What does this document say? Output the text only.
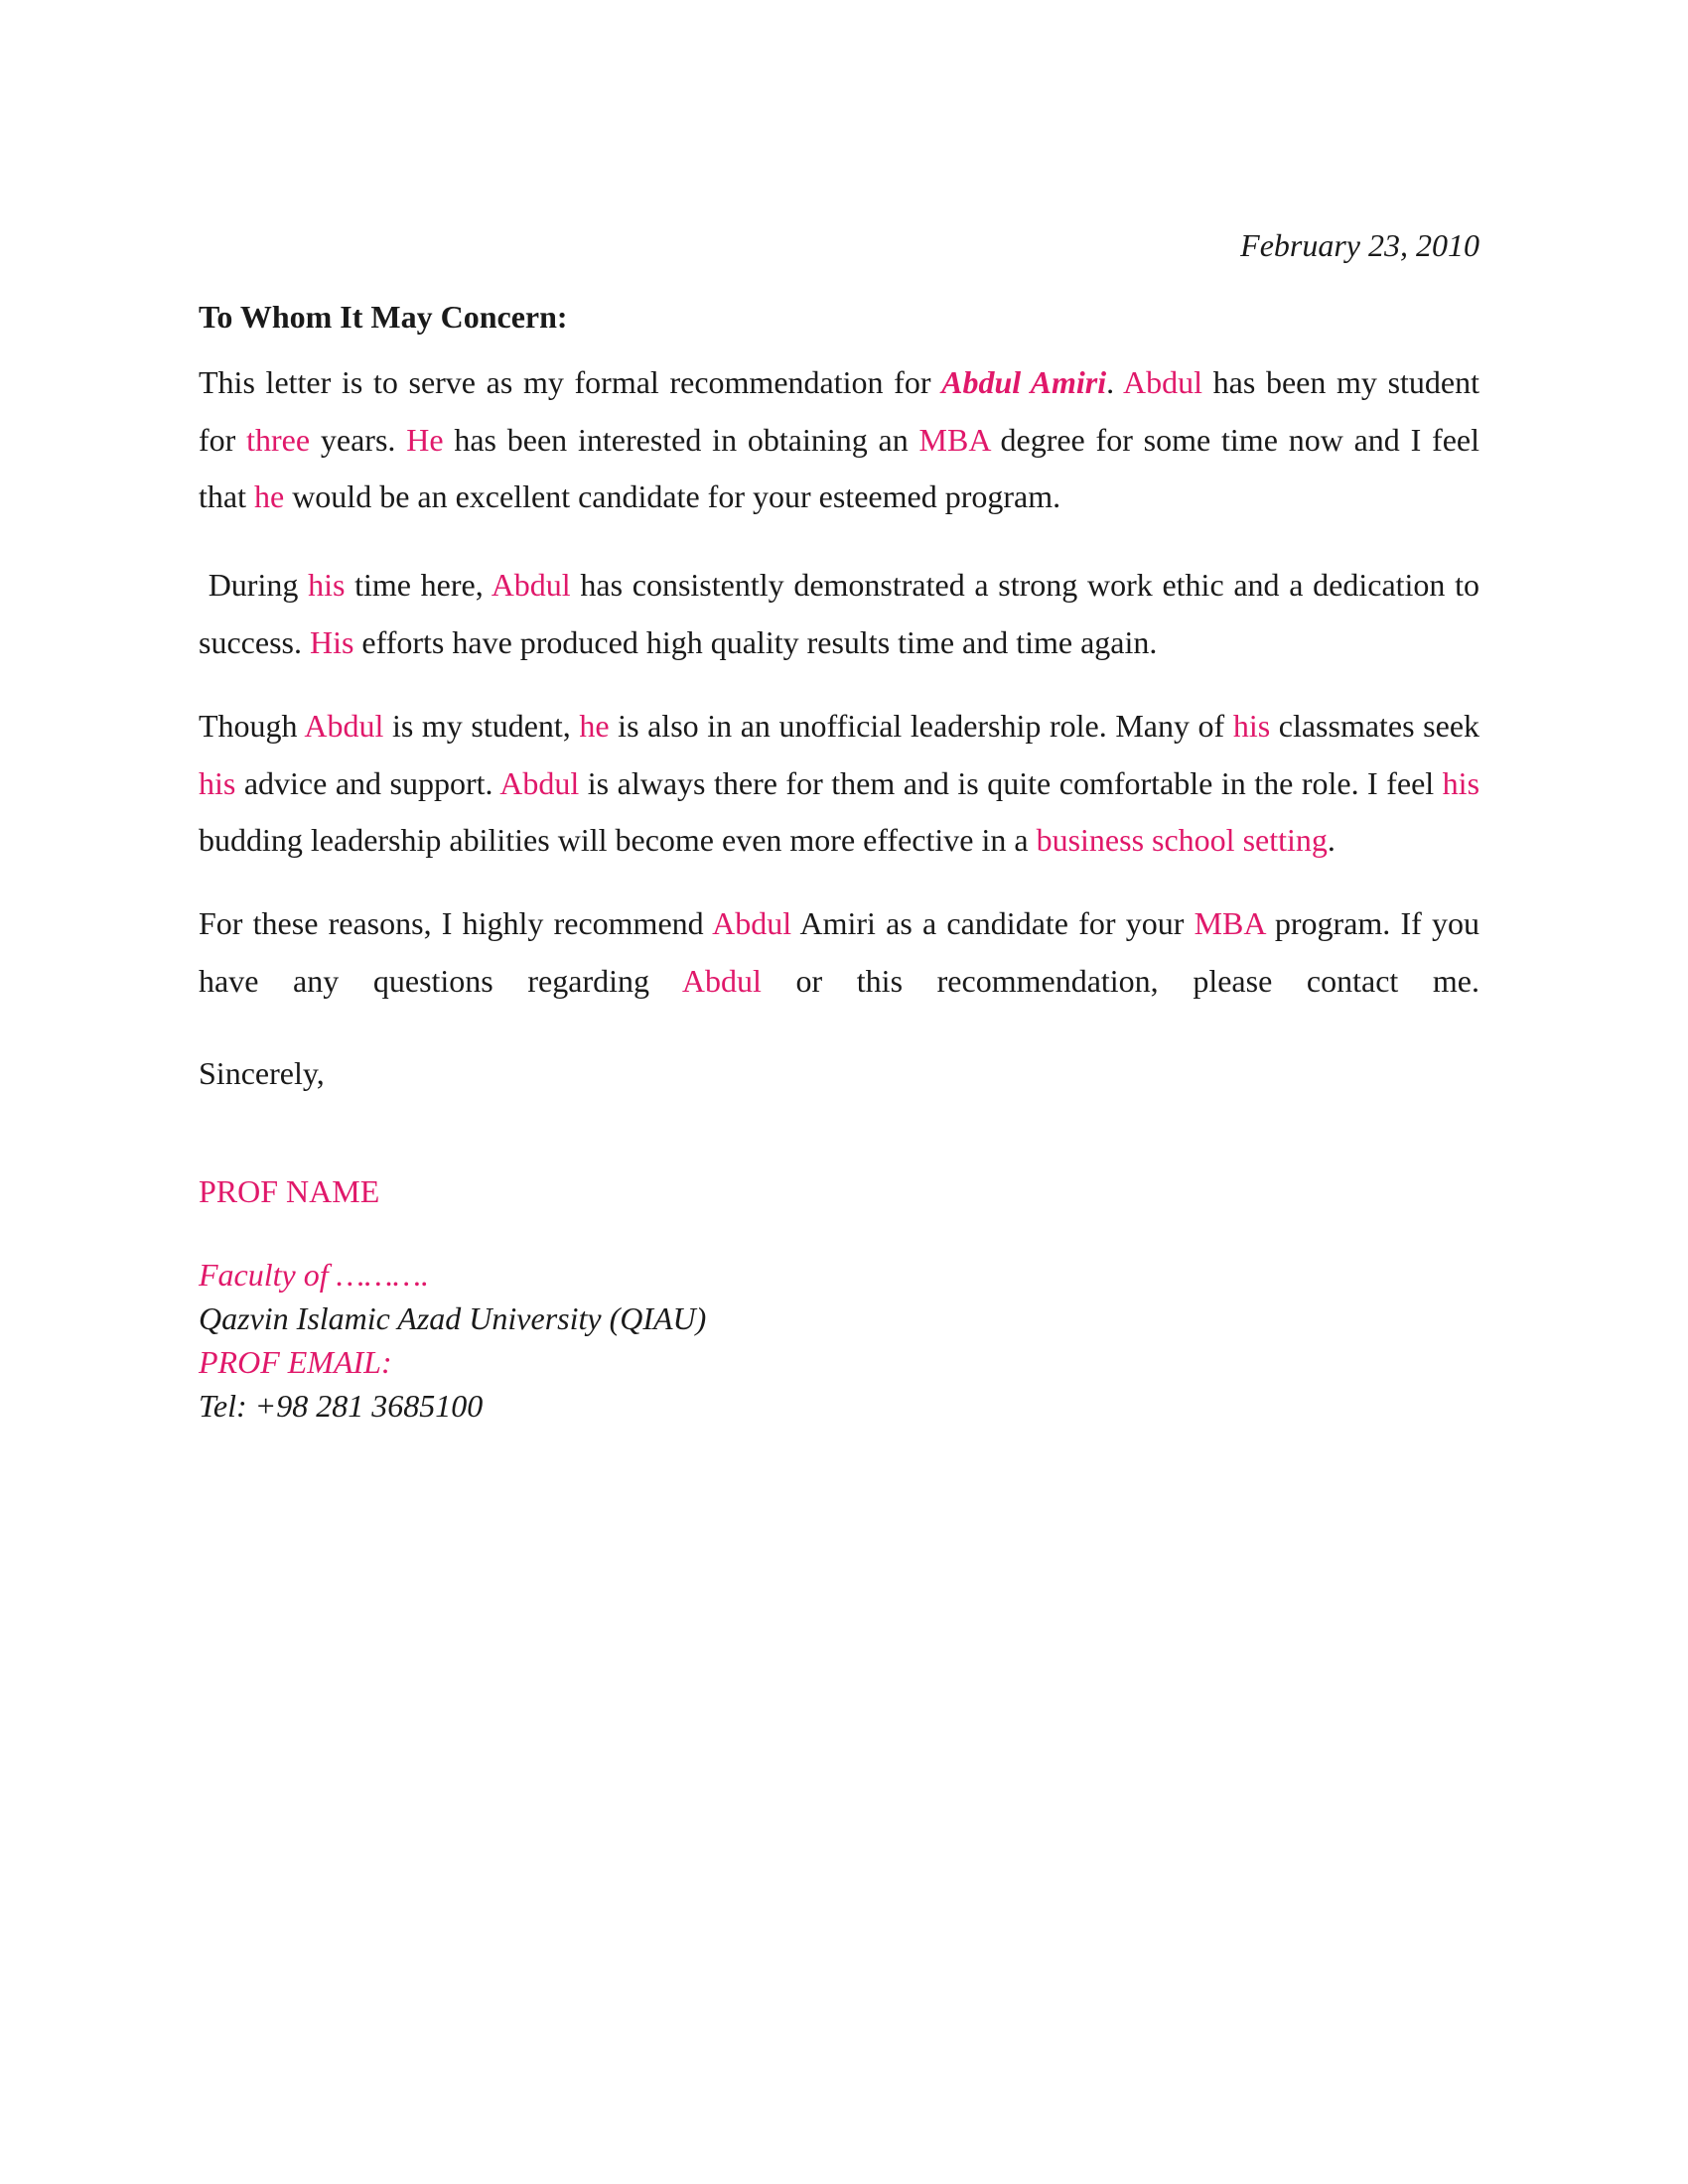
February 23, 2010
To Whom It May Concern:

This letter is to serve as my formal recommendation for Abdul Amiri. Abdul has been my student for three years. He has been interested in obtaining an MBA degree for some time now and I feel that he would be an excellent candidate for your esteemed program.

During his time here, Abdul has consistently demonstrated a strong work ethic and a dedication to success. His efforts have produced high quality results time and time again.

Though Abdul is my student, he is also in an unofficial leadership role. Many of his classmates seek his advice and support. Abdul is always there for them and is quite comfortable in the role. I feel his budding leadership abilities will become even more effective in a business school setting.

For these reasons, I highly recommend Abdul Amiri as a candidate for your MBA program. If you have any questions regarding Abdul or this recommendation, please contact me.

Sincerely,
PROF NAME
Faculty of ……….
Qazvin Islamic Azad University (QIAU)
PROF EMAIL:
Tel: +98 281 3685100
